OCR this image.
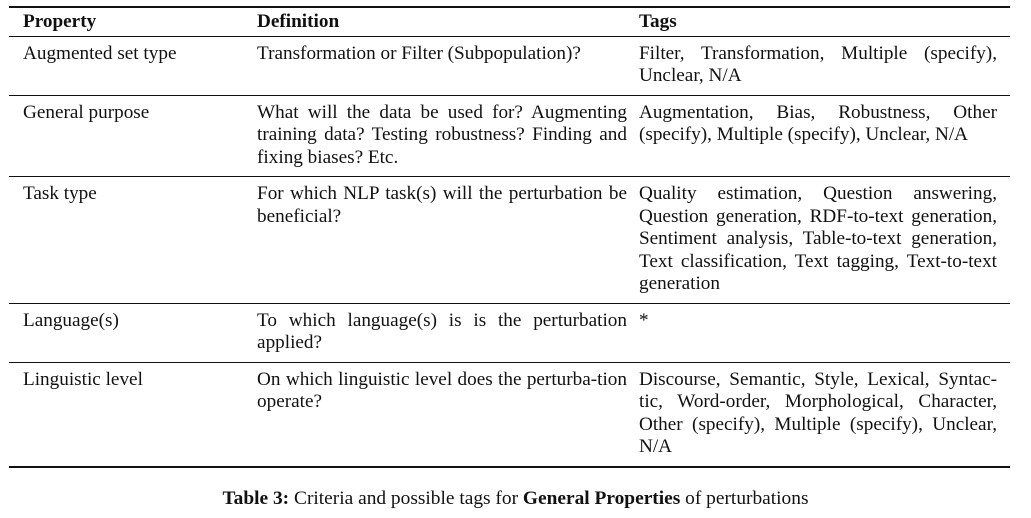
Property	Definition	Tags
Augmented set type	Transformation or Filter (Subpopulation)?	Filter, Transformation, Multiple (specify), Unclear, N/A
General purpose	What will the data be used for? Augmenting training data? Testing robustness? Finding and fixing biases? Etc.	Augmentation, Bias, Robustness, Other (specify), Multiple (specify), Unclear, N/A
Task type	For which NLP task(s) will the perturbation be beneficial?	Quality estimation, Question answering, Question generation, RDF-to-text generation, Sentiment analysis, Table-to-text generation, Text classification, Text tagging, Text-to-text generation
Language(s)	To which language(s) is is the perturbation applied?	*
Linguistic level	On which linguistic level does the perturba-tion operate?	Discourse, Semantic, Style, Lexical, Syntac-tic, Word-order, Morphological, Character, Other (specify), Multiple (specify), Unclear, N/A
Table 3: Criteria and possible tags for General Properties of perturbations
